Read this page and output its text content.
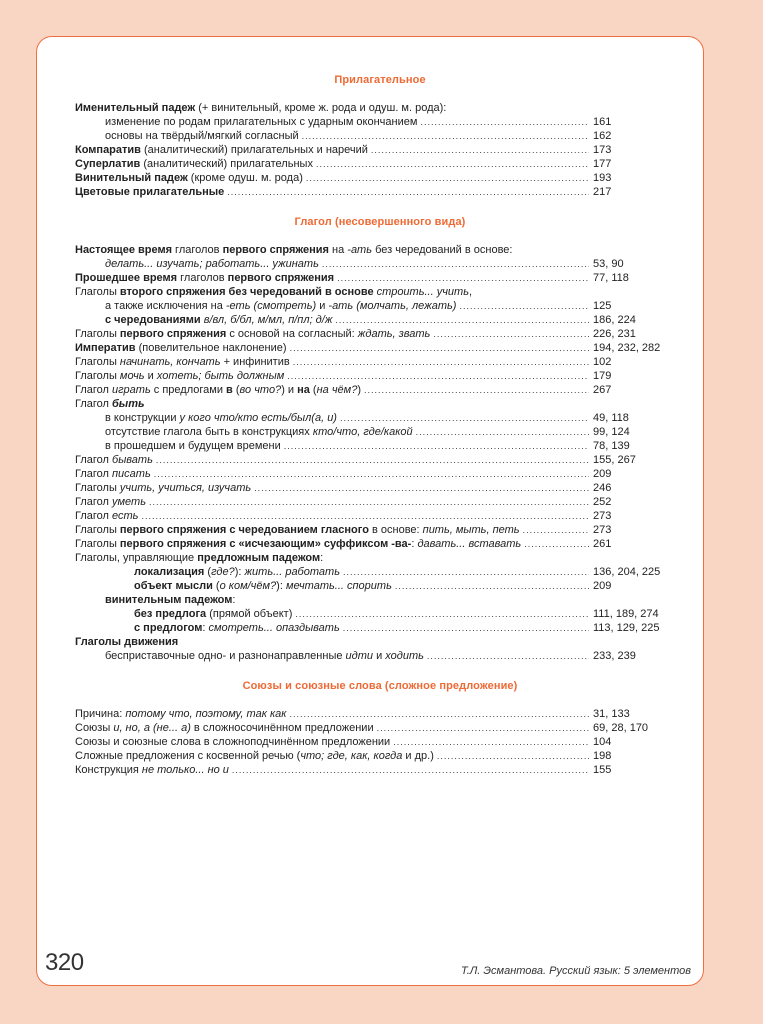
Прилагательное
Именительный падеж (+ винительный, кроме ж. рода и одуш. м. рода):
изменение по родам прилагательных с ударным окончанием .....	161
основы на твёрдый/мягкий согласный .....	162
Компаратив (аналитический) прилагательных и наречий .....	173
Суперлатив (аналитический) прилагательных .....	177
Винительный падеж (кроме одуш. м. рода) .....	193
Цветовые прилагательные .....	217
Глагол (несовершенного вида)
Настоящее время глаголов первого спряжения на -ать без чередований в основе:
делать... изучать; работать... ужинать .....	53, 90
Прошедшее время глаголов первого спряжения .....	77, 118
Глаголы второго спряжения без чередований в основе строить... учить,
а также исключения на -еть (смотреть) и -ать (молчать, лежать) .....	125
с чередованиями в/вл, б/бл, м/мл, п/пл; д/ж .....	186, 224
Глаголы первого спряжения с основой на согласный: ждать, звать .....	226, 231
Императив (повелительное наклонение) .....	194, 232, 282
Глаголы начинать, кончать + инфинитив .....	102
Глаголы мочь и хотеть; быть должным .....	179
Глагол играть с предлогами в (во что?) и на (на чём?) .....	267
Глагол быть
в конструкции у кого что/кто есть/был(а, и) .....	49, 118
отсутствие глагола быть в конструкциях кто/что, где/какой .....	99, 124
в прошедшем и будущем времени .....	78, 139
Глагол бывать .....	155, 267
Глагол писать .....	209
Глаголы учить, учиться, изучать .....	246
Глагол уметь .....	252
Глагол есть .....	273
Глаголы первого спряжения с чередованием гласного в основе: пить, мыть, петь .....	273
Глаголы первого спряжения с «исчезающим» суффиксом -ва-: давать... вставать .....	261
Глаголы, управляющие предложным падежом:
локализация (где?): жить... работать .....	136, 204, 225
объект мысли (о ком/чём?): мечтать... спорить .....	209
винительным падежом:
без предлога (прямой объект) .....	111, 189, 274
с предлогом: смотреть... опаздывать .....	113, 129, 225
Глаголы движения
бесприставочные одно- и разнонаправленные идти и ходить .....	233, 239
Союзы и союзные слова (сложное предложение)
Причина: потому что, поэтому, так как .....	31, 133
Союзы и, но, а (не... а) в сложносочинённом предложении .....	69, 28, 170
Союзы и союзные слова в сложноподчинённом предложении .....	104
Сложные предложения с косвенной речью (что; где, как, когда и др.) .....	198
Конструкция не только... но и .....	155
320	Т.Л. Эсмантова. Русский язык: 5 элементов
